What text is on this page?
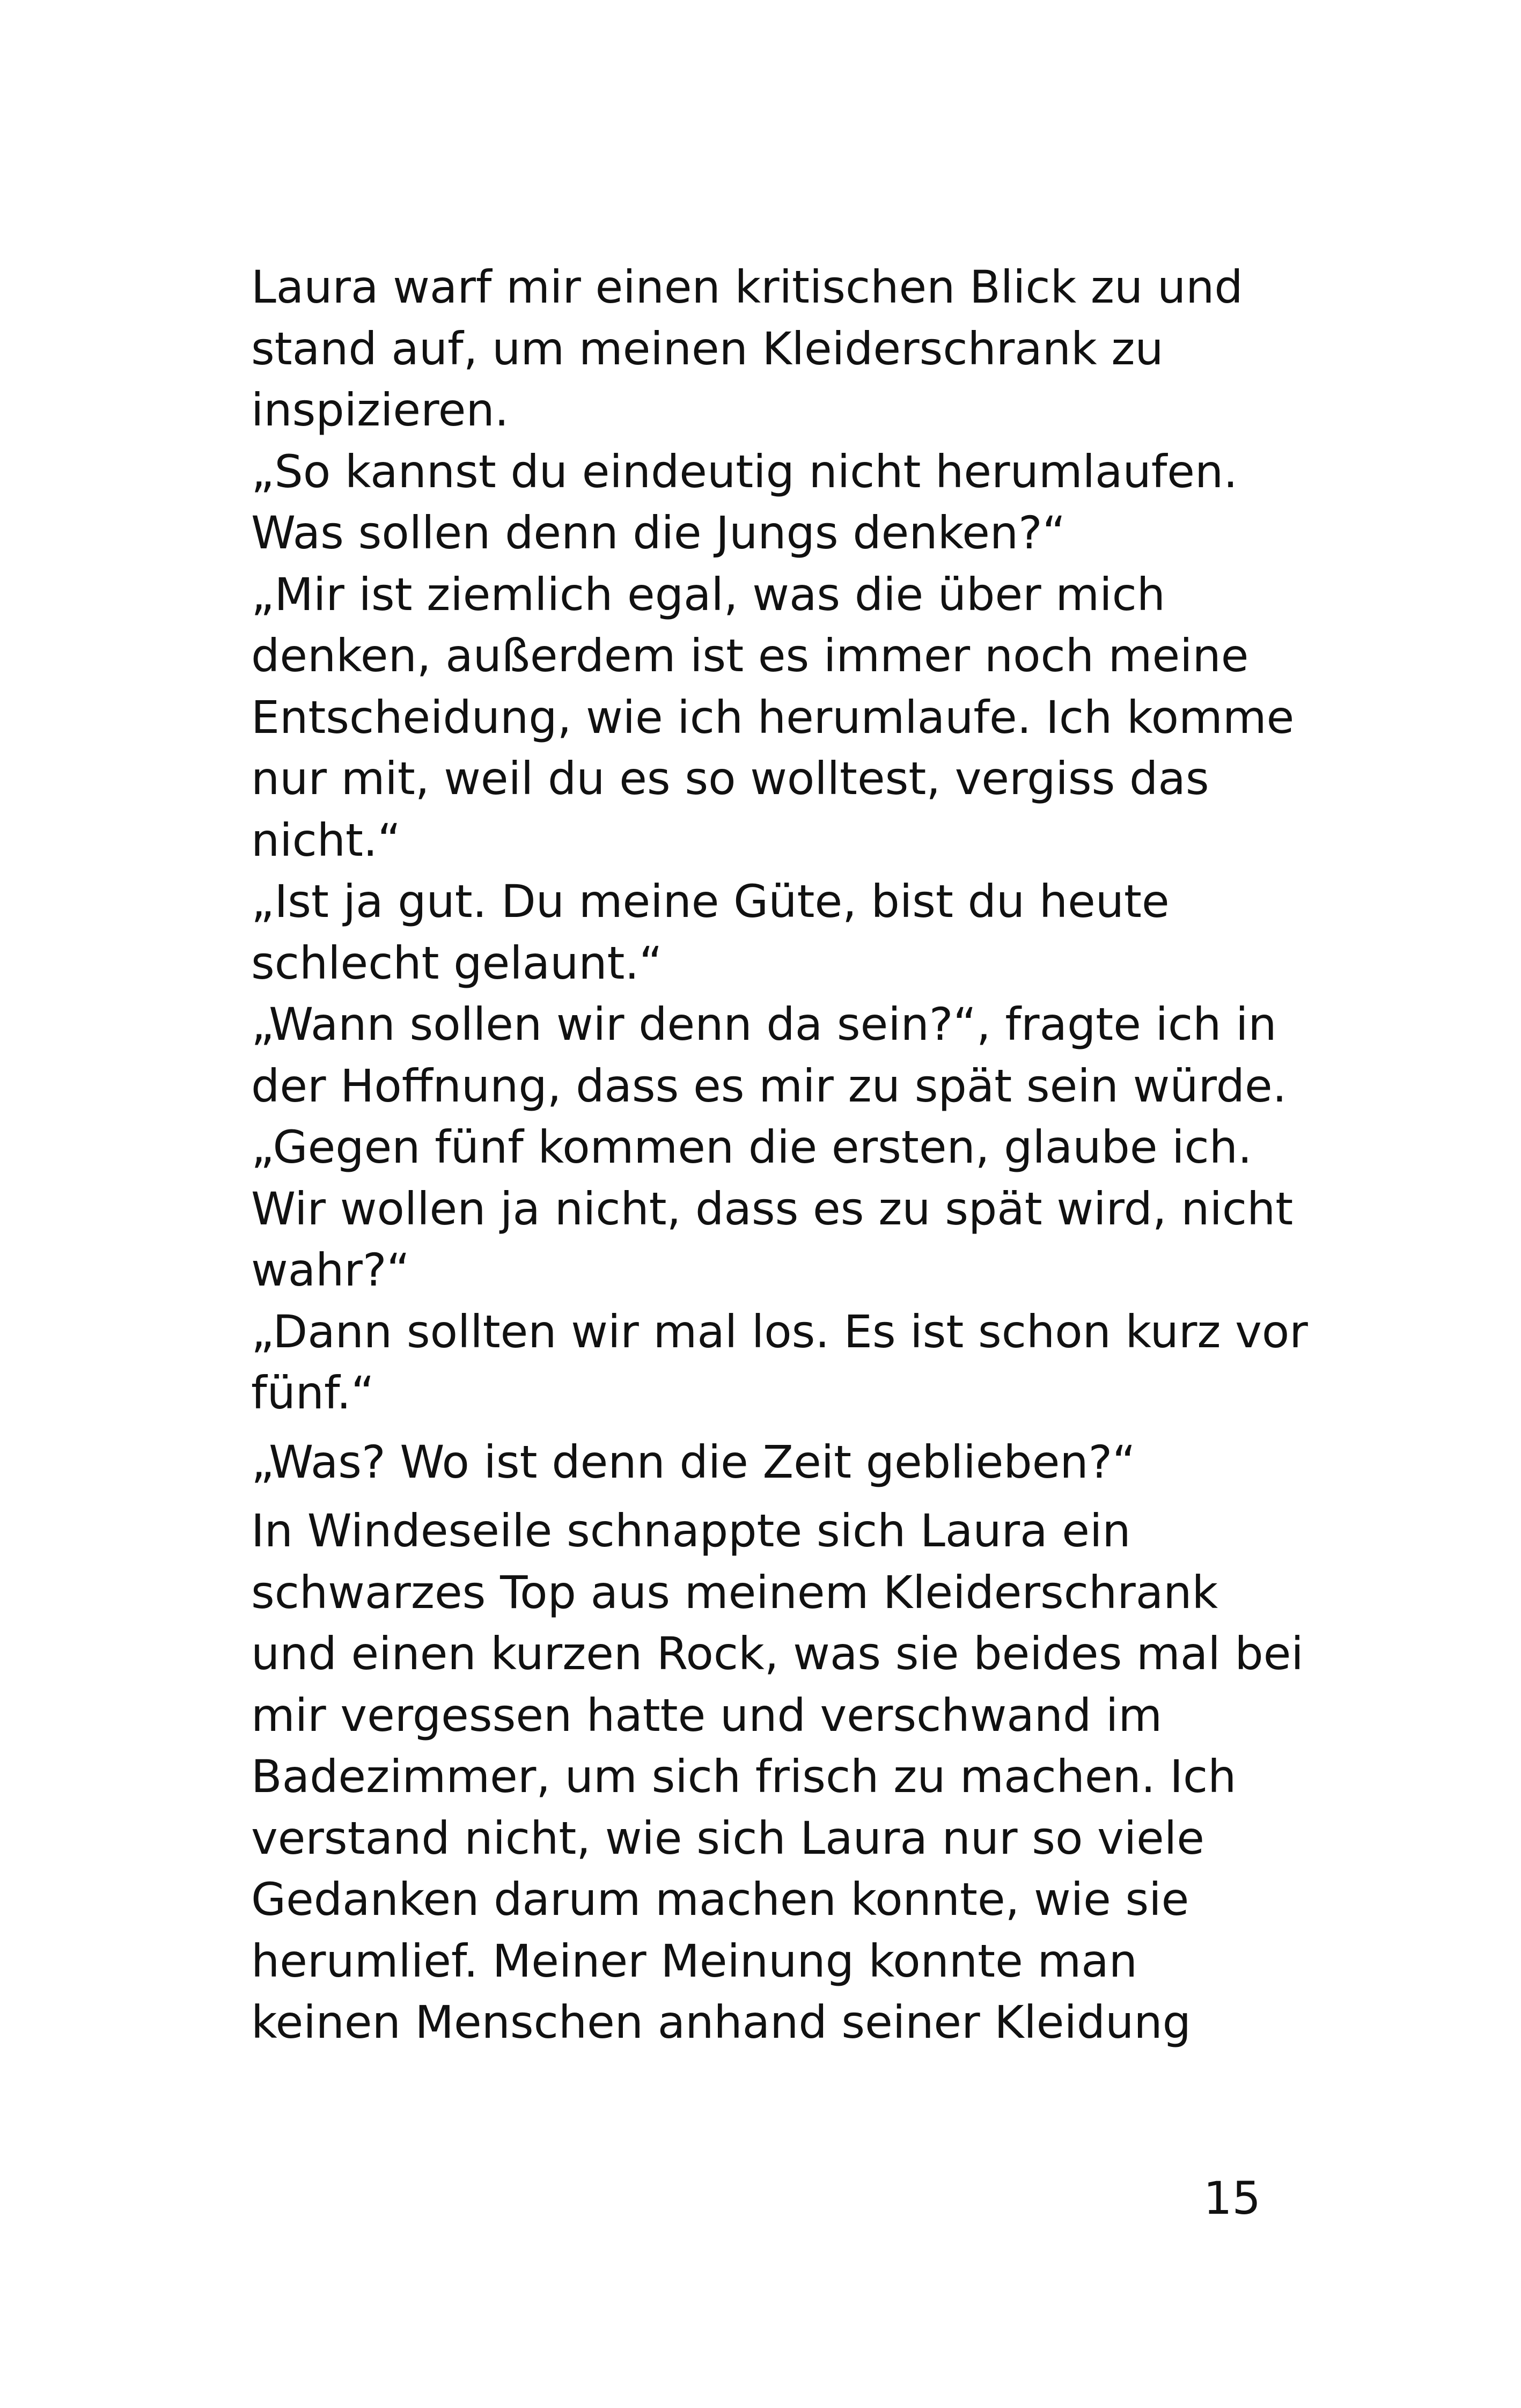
Laura warf mir einen kritischen Blick zu und
stand auf, um meinen Kleiderschrank zu
inspizieren.
„So kannst du eindeutig nicht herumlaufen.
Was sollen denn die Jungs denken?“
„Mir ist ziemlich egal, was die über mich
denken, außerdem ist es immer noch meine
Entscheidung, wie ich herumlaufe. Ich komme
nur mit, weil du es so wolltest, vergiss das
nicht.“
„Ist ja gut. Du meine Güte, bist du heute
schlecht gelaunt.“
„Wann sollen wir denn da sein?“, fragte ich in
der Hoffnung, dass es mir zu spät sein würde.
„Gegen fünf kommen die ersten, glaube ich.
Wir wollen ja nicht, dass es zu spät wird, nicht
wahr?“
„Dann sollten wir mal los. Es ist schon kurz vor
fünf.“
„Was? Wo ist denn die Zeit geblieben?“
In Windeseile schnappte sich Laura ein
schwarzes Top aus meinem Kleiderschrank
und einen kurzen Rock, was sie beides mal bei
mir vergessen hatte und verschwand im
Badezimmer, um sich frisch zu machen. Ich
verstand nicht, wie sich Laura nur so viele
Gedanken darum machen konnte, wie sie
herumlief. Meiner Meinung konnte man
keinen Menschen anhand seiner Kleidung
15
